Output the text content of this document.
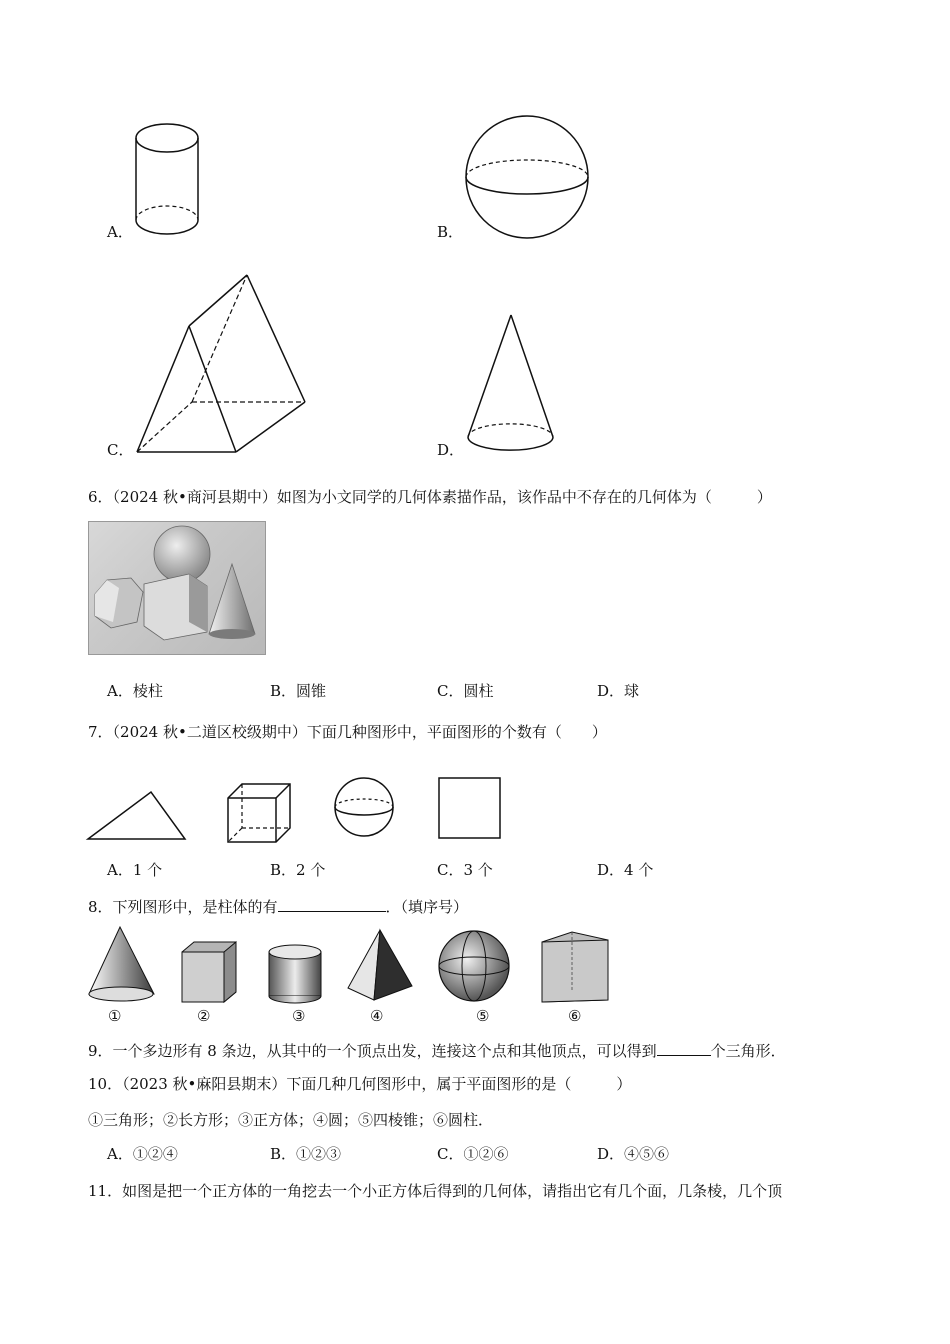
A．	B．
C．	D．
6．（2024 秋•商河县期中）如图为小文同学的几何体素描作品，该作品中不存在的几何体为（　　　）
A．棱柱	B．圆锥	C．圆柱	D．球
7．（2024 秋•二道区校级期中）下面几种图形中，平面图形的个数有（　　）
A．1 个	B．2 个	C．3 个	D．4 个
8．下列图形中，是柱体的有	．（填序号）
①	②	③	④	⑤	⑥
9．一个多边形有 8 条边，从其中的一个顶点出发，连接这个点和其他顶点，可以得到	个三角形．
10．（2023 秋•麻阳县期末）下面几种几何图形中，属于平面图形的是（　　　）
①三角形；②长方形；③正方体；④圆；⑤四棱锥；⑥圆柱．
A．①②④	B．①②③	C．①②⑥	D．④⑤⑥
11．如图是把一个正方体的一角挖去一个小正方体后得到的几何体，请指出它有几个面，几条棱，几个顶
